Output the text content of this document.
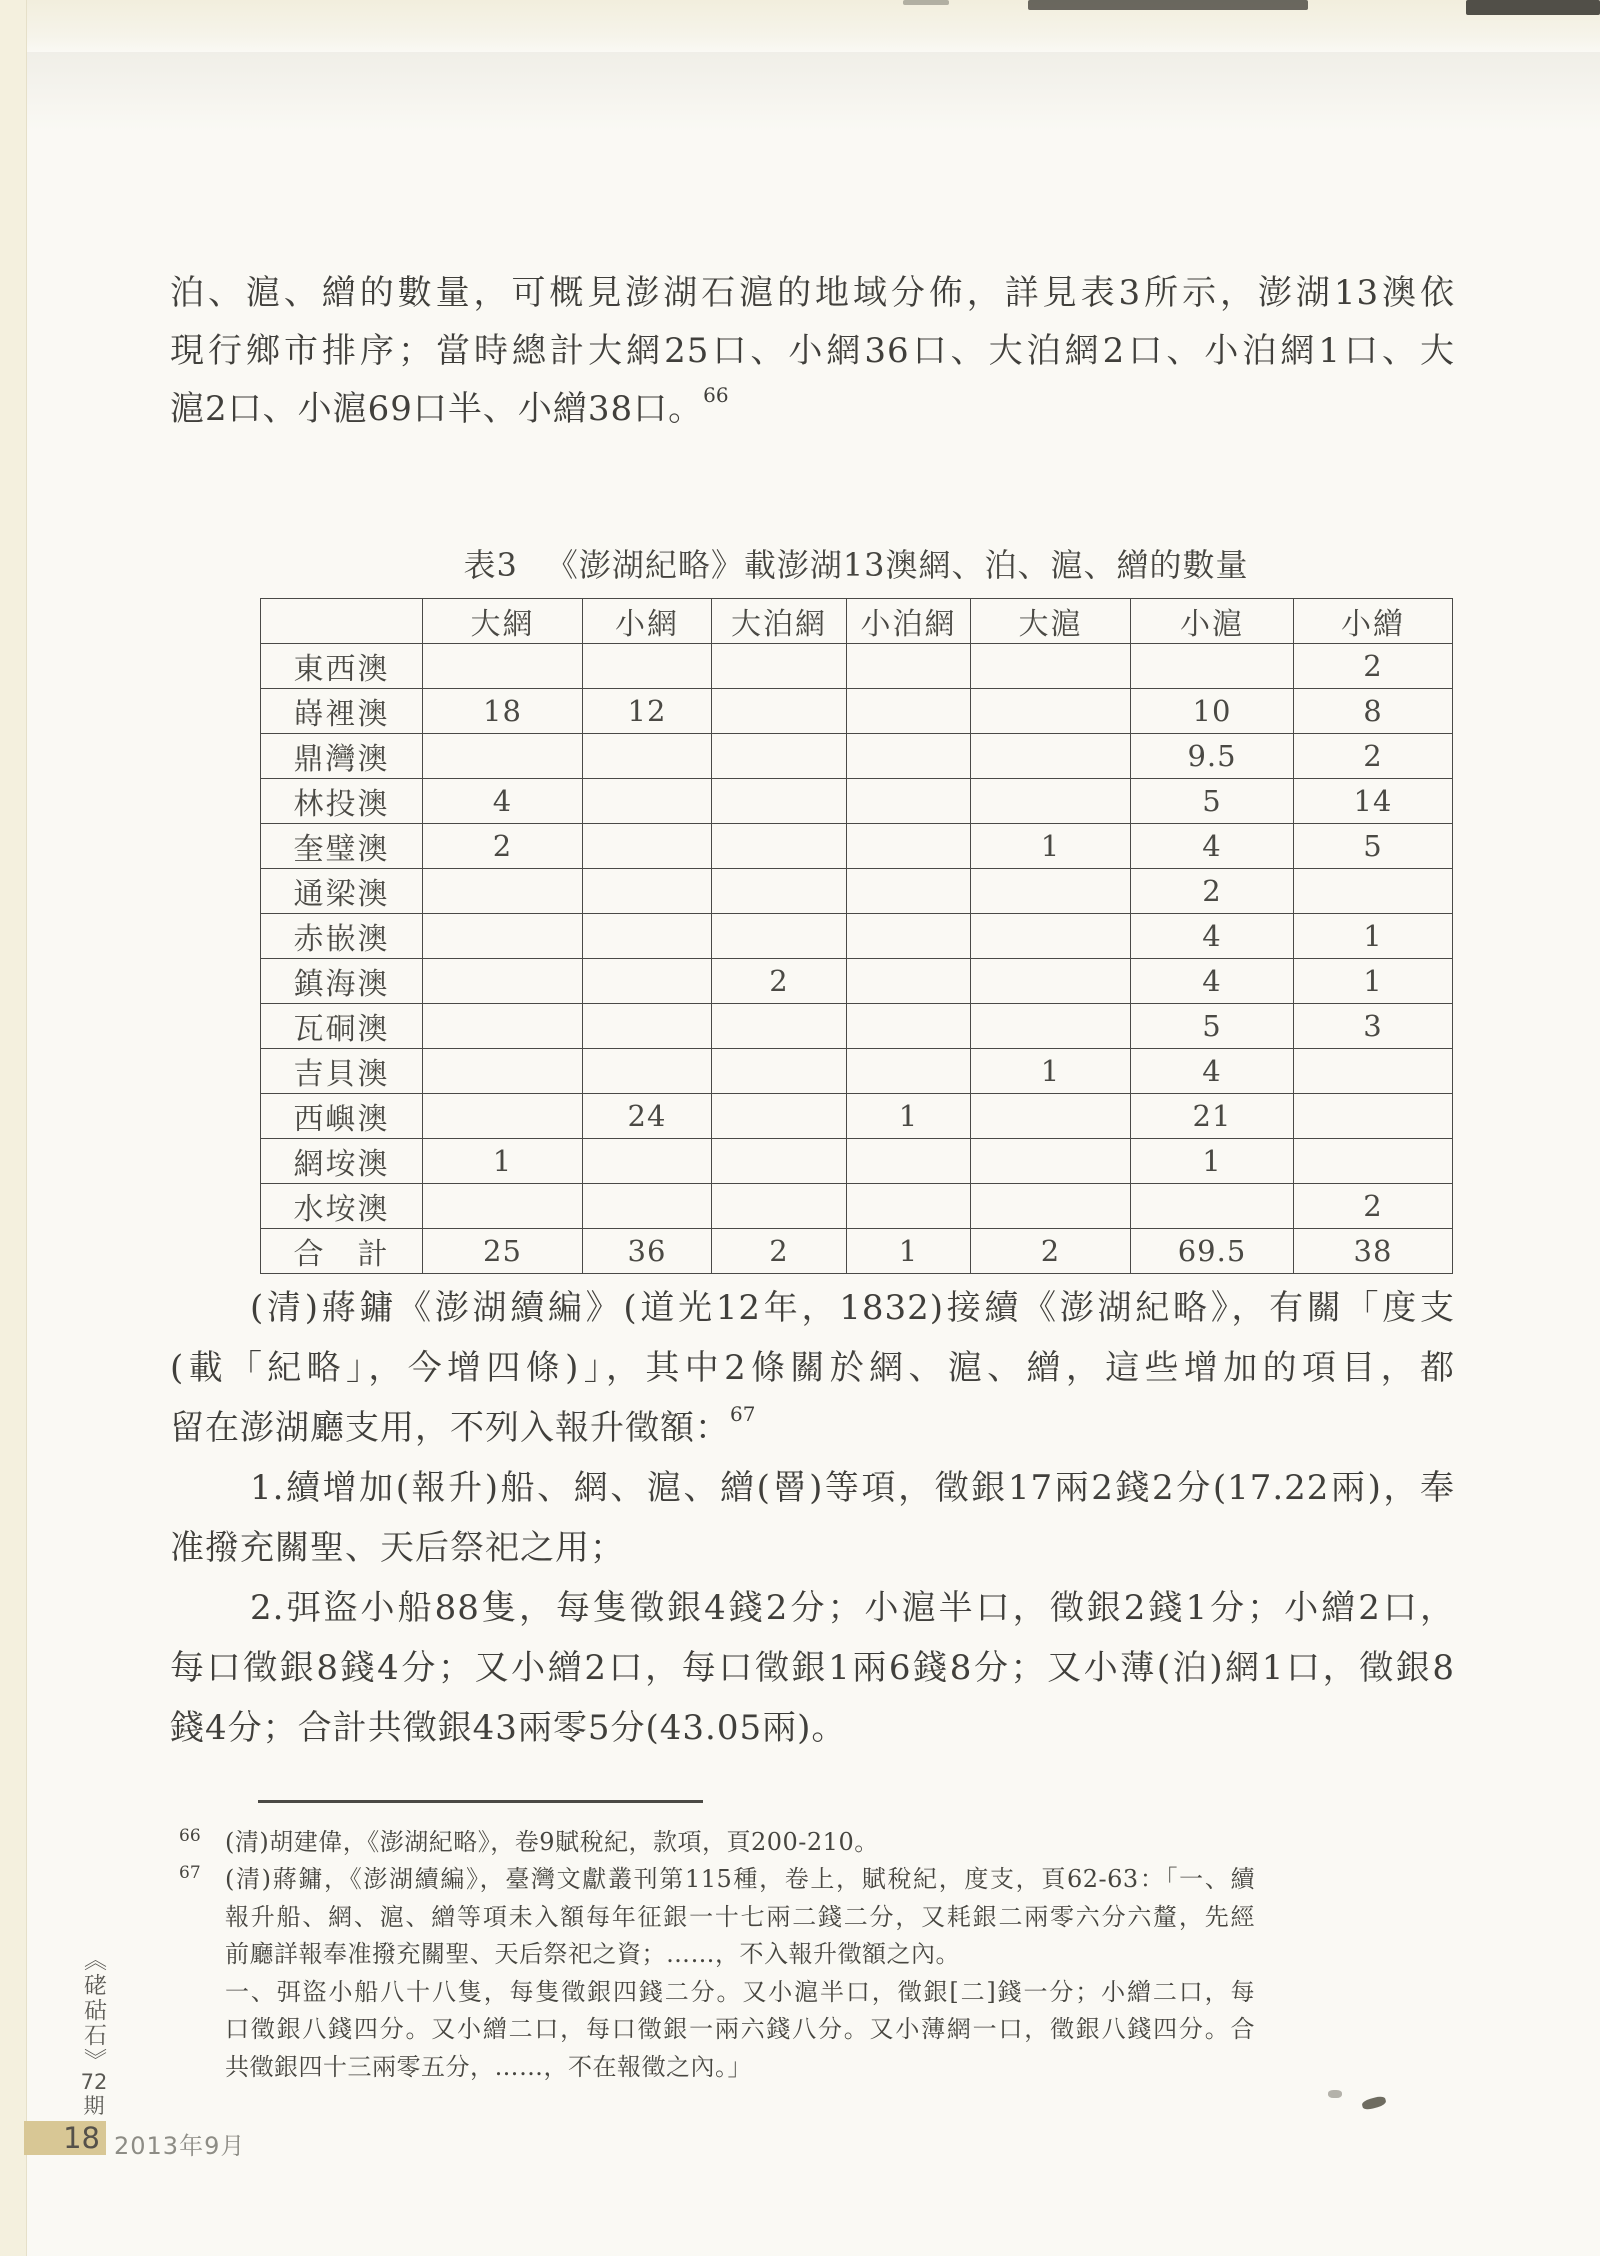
泊、滬、繒的數量，可概見澎湖石滬的地域分佈，詳見表3所示，澎湖13澳依
現行鄉市排序；當時總計大網25口、小網36口、大泊網2口、小泊網1口、大
滬2口、小滬69口半、小繒38口。$^{66}$
表3 《澎湖紀略》載澎湖13澳網、泊、滬、繒的數量
	大網	小網	大泊網	小泊網	大滬	小滬	小繒
東西澳							2
嵵裡澳	18	12				10	8
鼎灣澳						9.5	2
林投澳	4					5	14
奎璧澳	2				1	4	5
通梁澳						2	
赤嵌澳						4	1
鎮海澳			2			4	1
瓦硐澳						5	3
吉貝澳					1	4	
西嶼澳		24		1		21	
網垵澳	1					1	
水垵澳							2
合　計	25	36	2	1	2	69.5	38
(清)蔣鏞《澎湖續編》(道光12年，1832)接續《澎湖紀略》，有關「度支
(載「紀略」，今增四條)」，其中2條關於網、滬、繒，這些增加的項目，都
留在澎湖廳支用，不列入報升徵額：$^{67}$
1.續增加(報升)船、網、滬、繒(罾)等項，徵銀17兩2錢2分(17.22兩)，奉
准撥充關聖、天后祭祀之用；
2.弭盜小船88隻，每隻徵銀4錢2分；小滬半口，徵銀2錢1分；小繒2口，
每口徵銀8錢4分；又小繒2口，每口徵銀1兩6錢8分；又小薄(泊)網1口，徵銀8
錢4分；合計共徵銀43兩零5分(43.05兩)。
66 (清)胡建偉，《澎湖紀略》，卷9賦稅紀，款項，頁200-210。
67 (清)蔣鏞，《澎湖續編》，臺灣文獻叢刊第115種，卷上，賦稅紀，度支，頁62-63：「一、續
報升船、網、滬、繒等項未入額每年征銀一十七兩二錢二分，又耗銀二兩零六分六釐，先經
前廳詳報奉准撥充關聖、天后祭祀之資；……，不入報升徵額之內。
一、弭盜小船八十八隻，每隻徵銀四錢二分。又小滬半口，徵銀[二]錢一分；小繒二口，每
口徵銀八錢四分。又小繒二口，每口徵銀一兩六錢八分。又小薄網一口，徵銀八錢四分。合
共徵銀四十三兩零五分，……，不在報徵之內。」
《硓𥑮石》
72
期
18 2013年9月
